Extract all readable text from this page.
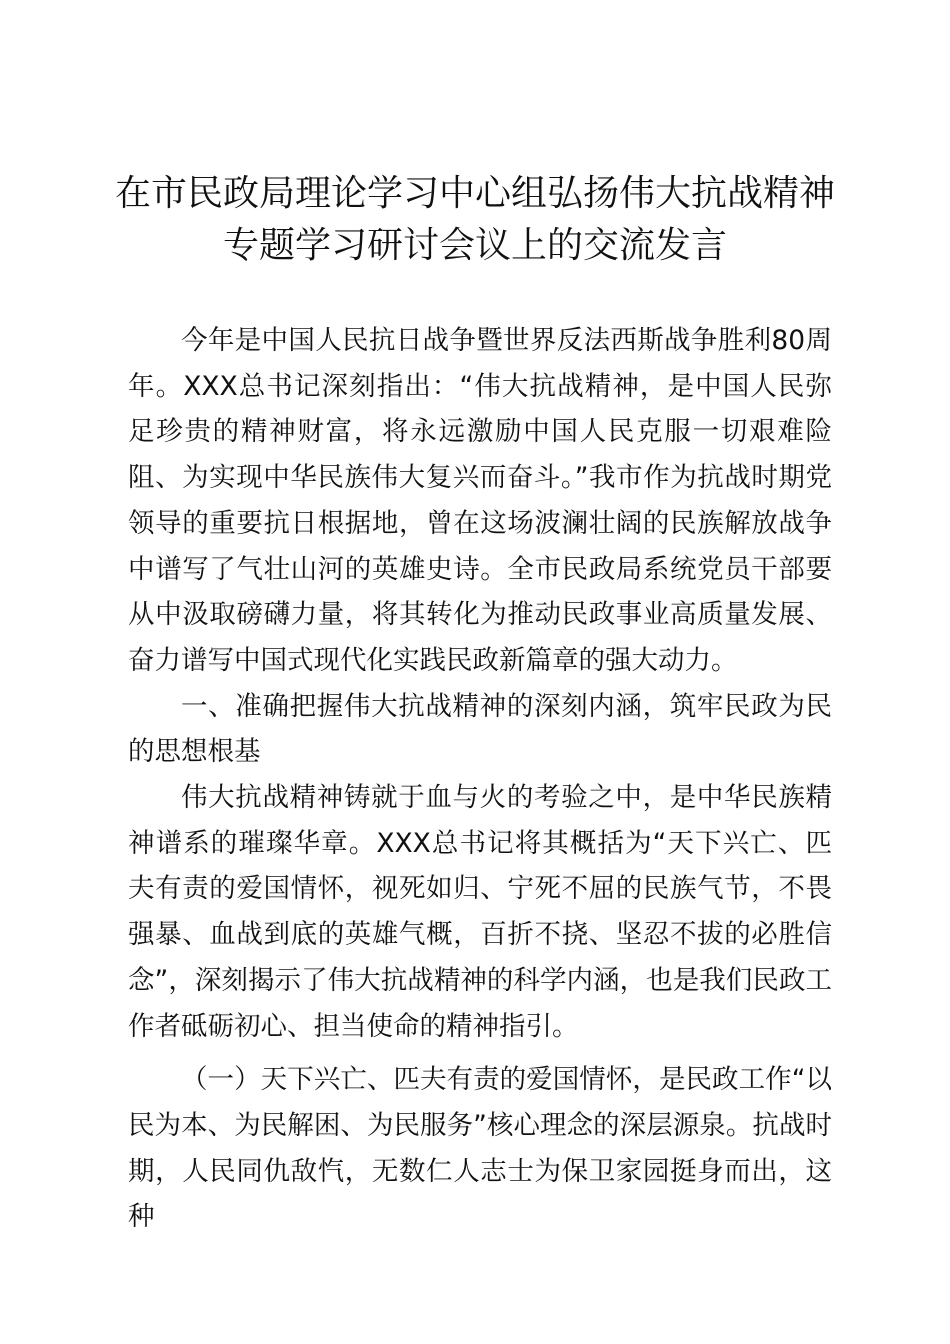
在市民政局理论学习中心组弘扬伟大抗战精神
专题学习研讨会议上的交流发言

今年是中国人民抗日战争暨世界反法西斯战争胜利80周年。XXX总书记深刻指出：“伟大抗战精神，是中国人民弥足珍贵的精神财富，将永远激励中国人民克服一切艰难险阻、为实现中华民族伟大复兴而奋斗。”我市作为抗战时期党领导的重要抗日根据地，曾在这场波澜壮阔的民族解放战争中谱写了气壮山河的英雄史诗。全市民政局系统党员干部要从中汲取磅礴力量，将其转化为推动民政事业高质量发展、奋力谱写中国式现代化实践民政新篇章的强大动力。

一、准确把握伟大抗战精神的深刻内涵，筑牢民政为民的思想根基

伟大抗战精神铸就于血与火的考验之中，是中华民族精神谱系的璀璨华章。XXX总书记将其概括为“天下兴亡、匹夫有责的爱国情怀，视死如归、宁死不屈的民族气节，不畏强暴、血战到底的英雄气概，百折不挠、坚忍不拔的必胜信念”，深刻揭示了伟大抗战精神的科学内涵，也是我们民政工作者砥砺初心、担当使命的精神指引。

（一）天下兴亡、匹夫有责的爱国情怀，是民政工作“以民为本、为民解困、为民服务”核心理念的深层源泉。抗战时期，人民同仇敌忾，无数仁人志士为保卫家园挺身而出，这种
